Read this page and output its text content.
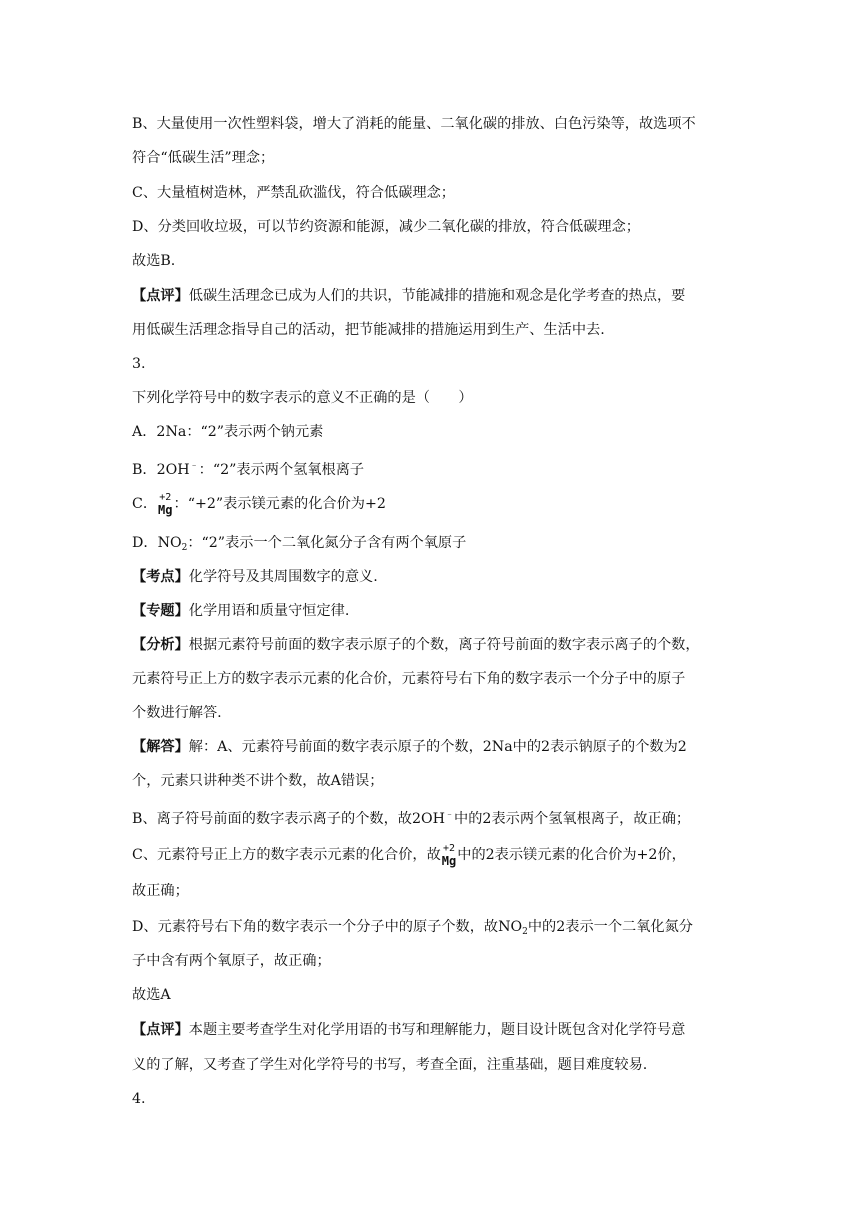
B、大量使用一次性塑料袋，增大了消耗的能量、二氧化碳的排放、白色污染等，故选项不
符合“低碳生活”理念；
C、大量植树造林，严禁乱砍滥伐，符合低碳理念；
D、分类回收垃圾，可以节约资源和能源，减少二氧化碳的排放，符合低碳理念；
故选B.
【点评】低碳生活理念已成为人们的共识，节能减排的措施和观念是化学考查的热点，要
用低碳生活理念指导自己的活动，把节能减排的措施运用到生产、生活中去.
3.
下列化学符号中的数字表示的意义不正确的是（　　）
A．2Na：“2”表示两个钠元素
B．2OH﹣：“2”表示两个氢氧根离子
C． +2
Mg ：“+2”表示镁元素的化合价为+2
D．$NO_2$：“2”表示一个二氧化氮分子含有两个氧原子
【考点】化学符号及其周围数字的意义.
【专题】化学用语和质量守恒定律.
【分析】根据元素符号前面的数字表示原子的个数，离子符号前面的数字表示离子的个数，
元素符号正上方的数字表示元素的化合价，元素符号右下角的数字表示一个分子中的原子
个数进行解答.
【解答】解：A、元素符号前面的数字表示原子的个数，2Na中的2表示钠原子的个数为2
个，元素只讲种类不讲个数，故A错误；
B、离子符号前面的数字表示离子的个数，故2OH﹣中的2表示两个氢氧根离子，故正确；
C、元素符号正上方的数字表示元素的化合价，故 +2
Mg 中的2表示镁元素的化合价为+2价，
故正确；
D、元素符号右下角的数字表示一个分子中的原子个数，故$NO_2$中的2表示一个二氧化氮分
子中含有两个氧原子，故正确；
故选A
【点评】本题主要考查学生对化学用语的书写和理解能力，题目设计既包含对化学符号意
义的了解，又考查了学生对化学符号的书写，考查全面，注重基础，题目难度较易.
4.
